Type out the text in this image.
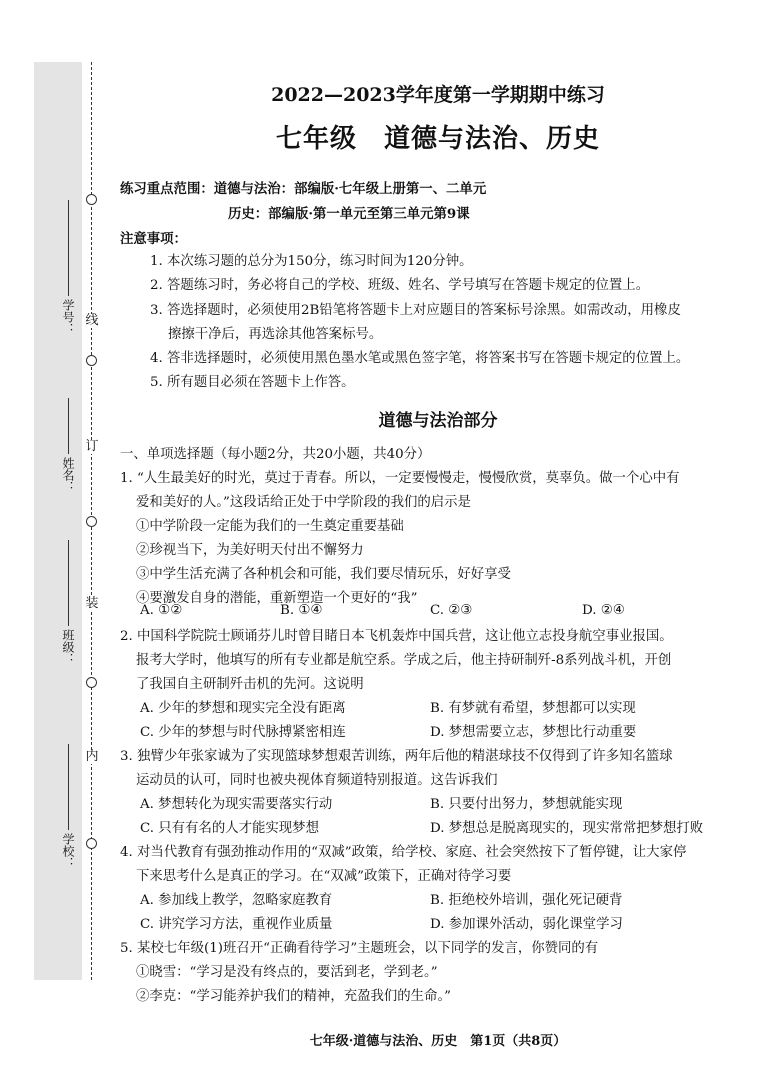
线
订
装
内
学号：
姓名：
班级：
学校：
2022—2023学年度第一学期期中练习
七年级　道德与法治、历史
练习重点范围：道德与法治：部编版·七年级上册第一、二单元
历史：部编版·第一单元至第三单元第9课
注意事项：
1. 本次练习题的总分为150分，练习时间为120分钟。
2. 答题练习时，务必将自己的学校、班级、姓名、学号填写在答题卡规定的位置上。
3. 答选择题时，必须使用2B铅笔将答题卡上对应题目的答案标号涂黑。如需改动，用橡皮
擦擦干净后，再选涂其他答案标号。
4. 答非选择题时，必须使用黑色墨水笔或黑色签字笔，将答案书写在答题卡规定的位置上。
5. 所有题目必须在答题卡上作答。
道德与法治部分
一、单项选择题（每小题2分，共20小题，共40分）
1. “人生最美好的时光，莫过于青春。所以，一定要慢慢走，慢慢欣赏，莫辜负。做一个心中有
爱和美好的人。”这段话给正处于中学阶段的我们的启示是
①中学阶段一定能为我们的一生奠定重要基础
②珍视当下，为美好明天付出不懈努力
③中学生活充满了各种机会和可能，我们要尽情玩乐，好好享受
④要激发自身的潜能，重新塑造一个更好的“我”
A. ①②	B. ①④	C. ②③	D. ②④
2. 中国科学院院士顾诵芬儿时曾目睹日本飞机轰炸中国兵营，这让他立志投身航空事业报国。
报考大学时，他填写的所有专业都是航空系。学成之后，他主持研制歼-8系列战斗机，开创
了我国自主研制歼击机的先河。这说明
A. 少年的梦想和现实完全没有距离	B. 有梦就有希望，梦想都可以实现
C. 少年的梦想与时代脉搏紧密相连	D. 梦想需要立志，梦想比行动重要
3. 独臂少年张家诚为了实现篮球梦想艰苦训练，两年后他的精湛球技不仅得到了许多知名篮球
运动员的认可，同时也被央视体育频道特别报道。这告诉我们
A. 梦想转化为现实需要落实行动	B. 只要付出努力，梦想就能实现
C. 只有有名的人才能实现梦想	D. 梦想总是脱离现实的，现实常常把梦想打败
4. 对当代教育有强劲推动作用的“双减”政策，给学校、家庭、社会突然按下了暂停键，让大家停
下来思考什么是真正的学习。在“双减”政策下，正确对待学习要
A. 参加线上教学，忽略家庭教育	B. 拒绝校外培训，强化死记硬背
C. 讲究学习方法，重视作业质量	D. 参加课外活动，弱化课堂学习
5. 某校七年级(1)班召开“正确看待学习”主题班会，以下同学的发言，你赞同的有
①晓雪：“学习是没有终点的，要活到老，学到老。”
②李克：“学习能养护我们的精神，充盈我们的生命。”
七年级·道德与法治、历史　第1页（共8页）
